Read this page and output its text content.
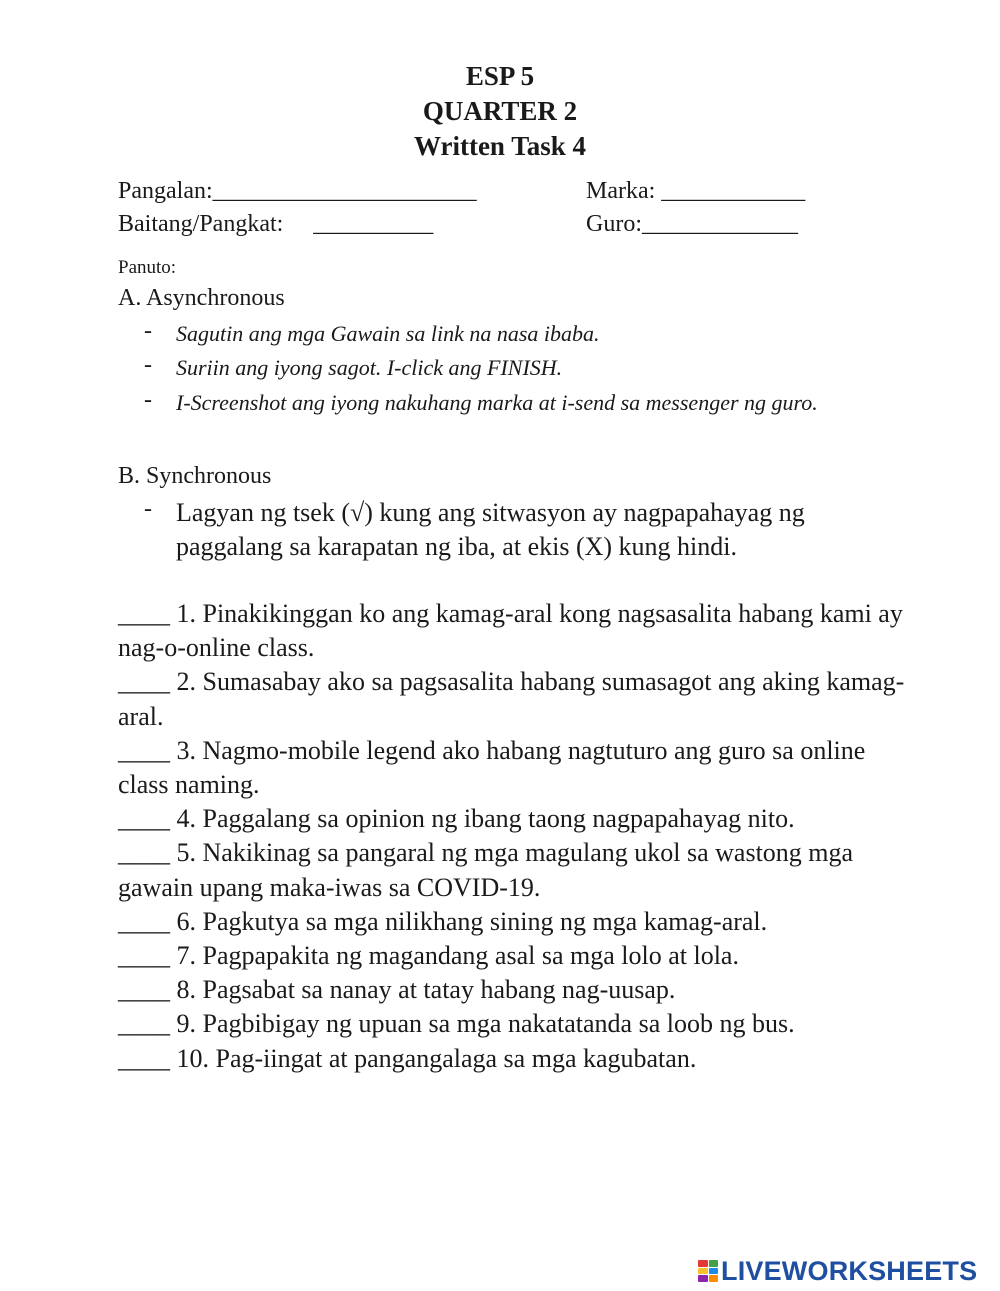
ESP 5
QUARTER 2
Written Task 4
Pangalan:______________________	Marka: ____________
Baitang/Pangkat:     __________	Guro:_____________
Panuto:
A. Asynchronous
- Sagutin ang mga Gawain sa link na nasa ibaba.
- Suriin ang iyong sagot. I-click ang FINISH.
- I-Screenshot ang iyong nakuhang marka at i-send sa messenger ng guro.
B. Synchronous
- Lagyan ng tsek (√) kung ang sitwasyon ay nagpapahayag ng paggalang sa karapatan ng iba, at ekis (X) kung hindi.

____ 1. Pinakikinggan ko ang kamag-aral kong nagsasalita habang kami ay nag-o-online class.

____ 2. Sumasabay ako sa pagsasalita habang sumasagot ang aking kamag-aral.

____ 3. Nagmo-mobile legend ako habang nagtuturo ang guro sa online class naming.

____ 4. Paggalang sa opinion ng ibang taong nagpapahayag nito.

____ 5. Nakikinag sa pangaral ng mga magulang ukol sa wastong mga gawain upang maka-iwas sa COVID-19.

____ 6. Pagkutya sa mga nilikhang sining ng mga kamag-aral.

____ 7. Pagpapakita ng magandang asal sa mga lolo at lola.

____ 8. Pagsabat sa nanay at tatay habang nag-uusap.

____ 9. Pagbibigay ng upuan sa mga nakatatanda sa loob ng bus.

____ 10. Pag-iingat at pangangalaga sa mga kagubatan.

LIVEWORKSHEETS
